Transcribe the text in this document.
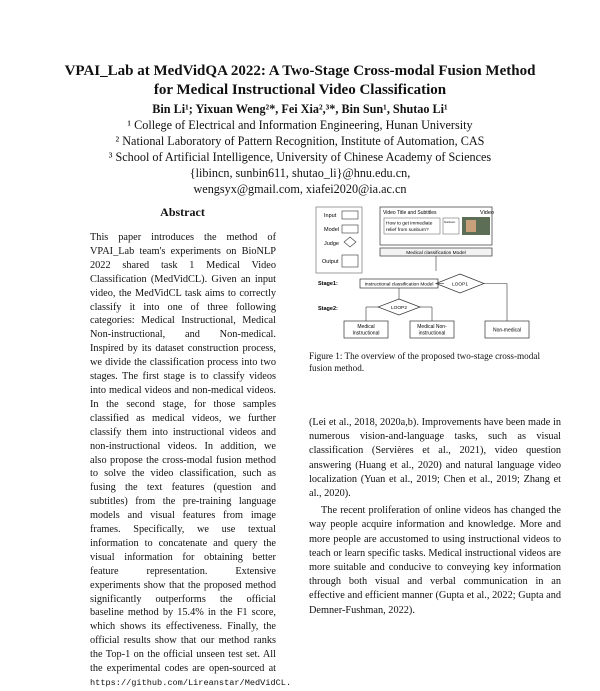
VPAI_Lab at MedVidQA 2022: A Two-Stage Cross-modal Fusion Method
for Medical Instructional Video Classification
Bin Li¹; Yixuan Weng²*, Fei Xia²,³*, Bin Sun¹, Shutao Li¹
¹ College of Electrical and Information Engineering, Hunan University
² National Laboratory of Pattern Recognition, Institute of Automation, CAS
³ School of Artificial Intelligence, University of Chinese Academy of Sciences
{libincn, sunbin611, shutao_li}@hnu.edu.cn,
wengsyx@gmail.com, xiafei2020@ia.ac.cn
Abstract
This paper introduces the method of VPAI_Lab team's experiments on BioNLP 2022 shared task 1 Medical Video Classification (MedVidCL). Given an input video, the MedVidCL task aims to correctly classify it into one of three following categories: Medical Instructional, Medical Non-instructional, and Non-medical. Inspired by its dataset construction process, we divide the classification process into two stages. The first stage is to classify videos into medical videos and non-medical videos. In the second stage, for those samples classified as medical videos, we further classify them into instructional videos and non-instructional videos. In addition, we also propose the cross-modal fusion method to solve the video classification, such as fusing the text features (question and subtitles) from the pre-training language models and visual features from image frames. Specifically, we use textual information to concatenate and query the visual information for obtaining better feature representation. Extensive experiments show that the proposed method significantly outperforms the official baseline method by 15.4% in the F1 score, which shows its effectiveness. Finally, the official results show that our method ranks the Top-1 on the official unseen test set. All the experimental codes are open-sourced at https://github.com/Lireanstar/MedVidCL.
Input
Model
Judge
Output
Video Title and Subtitles
How to get immediate
relief from sunburn?
Sunburn
Video
Medical classification Model
Stage1:	Instructional classification Model	LOOP1
Stage2:	LOOP2
Medical
Instructional
Medical Non-
instructional	Non-medical
Figure 1: The overview of the proposed two-stage cross-modal fusion method.

(Lei et al., 2018, 2020a,b). Improvements have been made in numerous vision-and-language tasks, such as visual classification (Servières et al., 2021), video question answering (Huang et al., 2020) and natural language video localization (Yuan et al., 2019; Chen et al., 2019; Zhang et al., 2020).

The recent proliferation of online videos has changed the way people acquire information and knowledge. More and more people are accustomed to using instructional videos to teach or learn specific tasks. Medical instructional videos are more suitable and conducive to conveying key information through both visual and verbal communication in an effective and efficient manner (Gupta et al., 2022; Gupta and Demner-Fushman, 2022).
